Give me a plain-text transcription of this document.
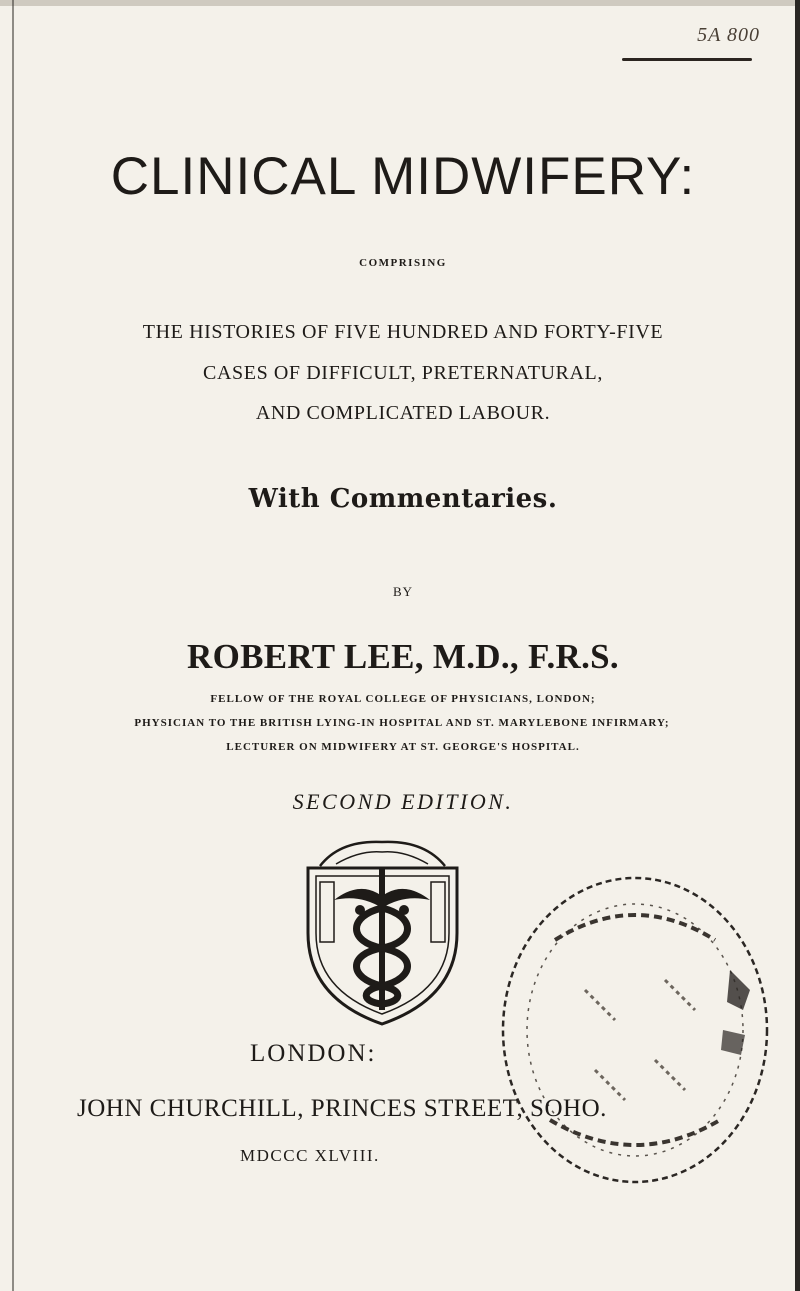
5A 800
CLINICAL MIDWIFERY:
COMPRISING
THE HISTORIES OF FIVE HUNDRED AND FORTY-FIVE
CASES OF DIFFICULT, PRETERNATURAL,
AND COMPLICATED LABOUR.
With Commentaries.
BY
ROBERT LEE, M.D., F.R.S.
FELLOW OF THE ROYAL COLLEGE OF PHYSICIANS, LONDON;
PHYSICIAN TO THE BRITISH LYING-IN HOSPITAL AND ST. MARYLEBONE INFIRMARY;
LECTURER ON MIDWIFERY AT ST. GEORGE'S HOSPITAL.
SECOND EDITION.
LONDON:
JOHN CHURCHILL, PRINCES STREET, SOHO.
MDCCC XLVIII.
